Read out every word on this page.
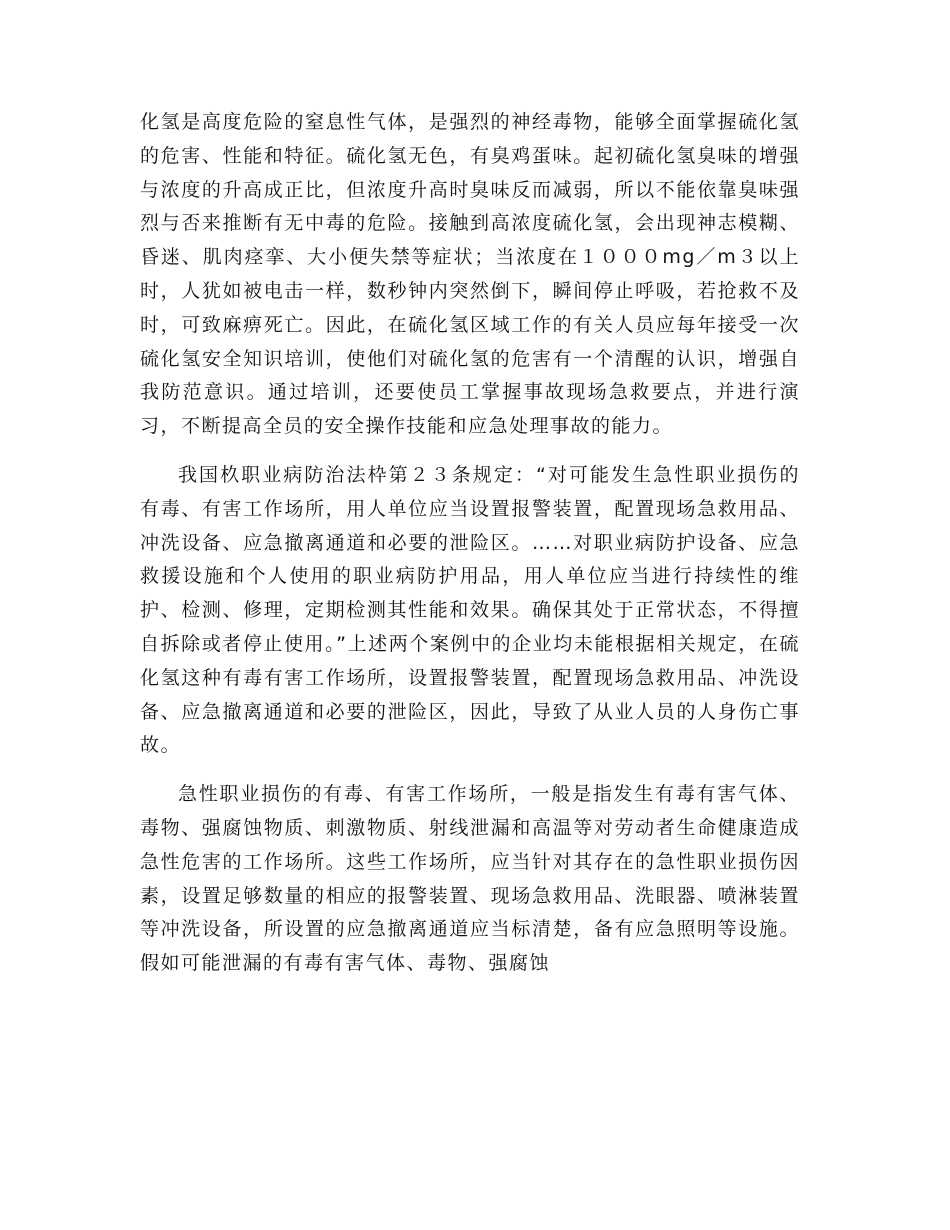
化氢是高度危险的窒息性气体，是强烈的神经毒物，能够全面掌握硫化氢的危害、性能和特征。硫化氢无色，有臭鸡蛋味。起初硫化氢臭味的增强与浓度的升高成正比，但浓度升高时臭味反而减弱，所以不能依靠臭味强烈与否来推断有无中毒的危险。接触到高浓度硫化氢，会出现神志模糊、昏迷、肌肉痉挛、大小便失禁等症状；当浓度在１０００mg／m３以上时，人犹如被电击一样，数秒钟内突然倒下，瞬间停止呼吸，若抢救不及时，可致麻痹死亡。因此，在硫化氢区域工作的有关人员应每年接受一次硫化氢安全知识培训，使他们对硫化氢的危害有一个清醒的认识，增强自我防范意识。通过培训，还要使员工掌握事故现场急救要点，并进行演习，不断提高全员的安全操作技能和应急处理事故的能力。

我国杦职业病防治法枠第２３条规定：“对可能发生急性职业损伤的有毒、有害工作场所，用人单位应当设置报警装置，配置现场急救用品、冲洗设备、应急撤离通道和必要的泄险区。……对职业病防护设备、应急救援设施和个人使用的职业病防护用品，用人单位应当进行持续性的维护、检测、修理，定期检测其性能和效果。确保其处于正常状态，不得擅自拆除或者停止使用。”上述两个案例中的企业均未能根据相关规定，在硫化氢这种有毒有害工作场所，设置报警装置，配置现场急救用品、冲洗设备、应急撤离通道和必要的泄险区，因此，导致了从业人员的人身伤亡事故。

急性职业损伤的有毒、有害工作场所，一般是指发生有毒有害气体、毒物、强腐蚀物质、刺激物质、射线泄漏和高温等对劳动者生命健康造成急性危害的工作场所。这些工作场所，应当针对其存在的急性职业损伤因素，设置足够数量的相应的报警装置、现场急救用品、洗眼器、喷淋装置等冲洗设备，所设置的应急撤离通道应当标清楚，备有应急照明等设施。假如可能泄漏的有毒有害气体、毒物、强腐蚀
